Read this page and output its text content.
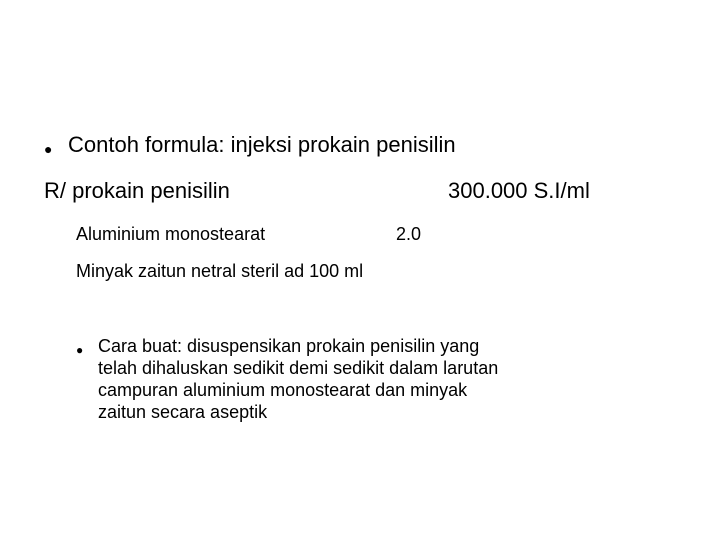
● Contoh formula: injeksi prokain penisilin
R/ prokain penisilin	300.000 S.I/ml
Aluminium monostearat	2.0
Minyak zaitun netral steril ad 100 ml
● Cara buat: disuspensikan prokain penisilin yang
telah dihaluskan sedikit demi sedikit dalam larutan
campuran aluminium monostearat dan minyak
zaitun secara aseptik
